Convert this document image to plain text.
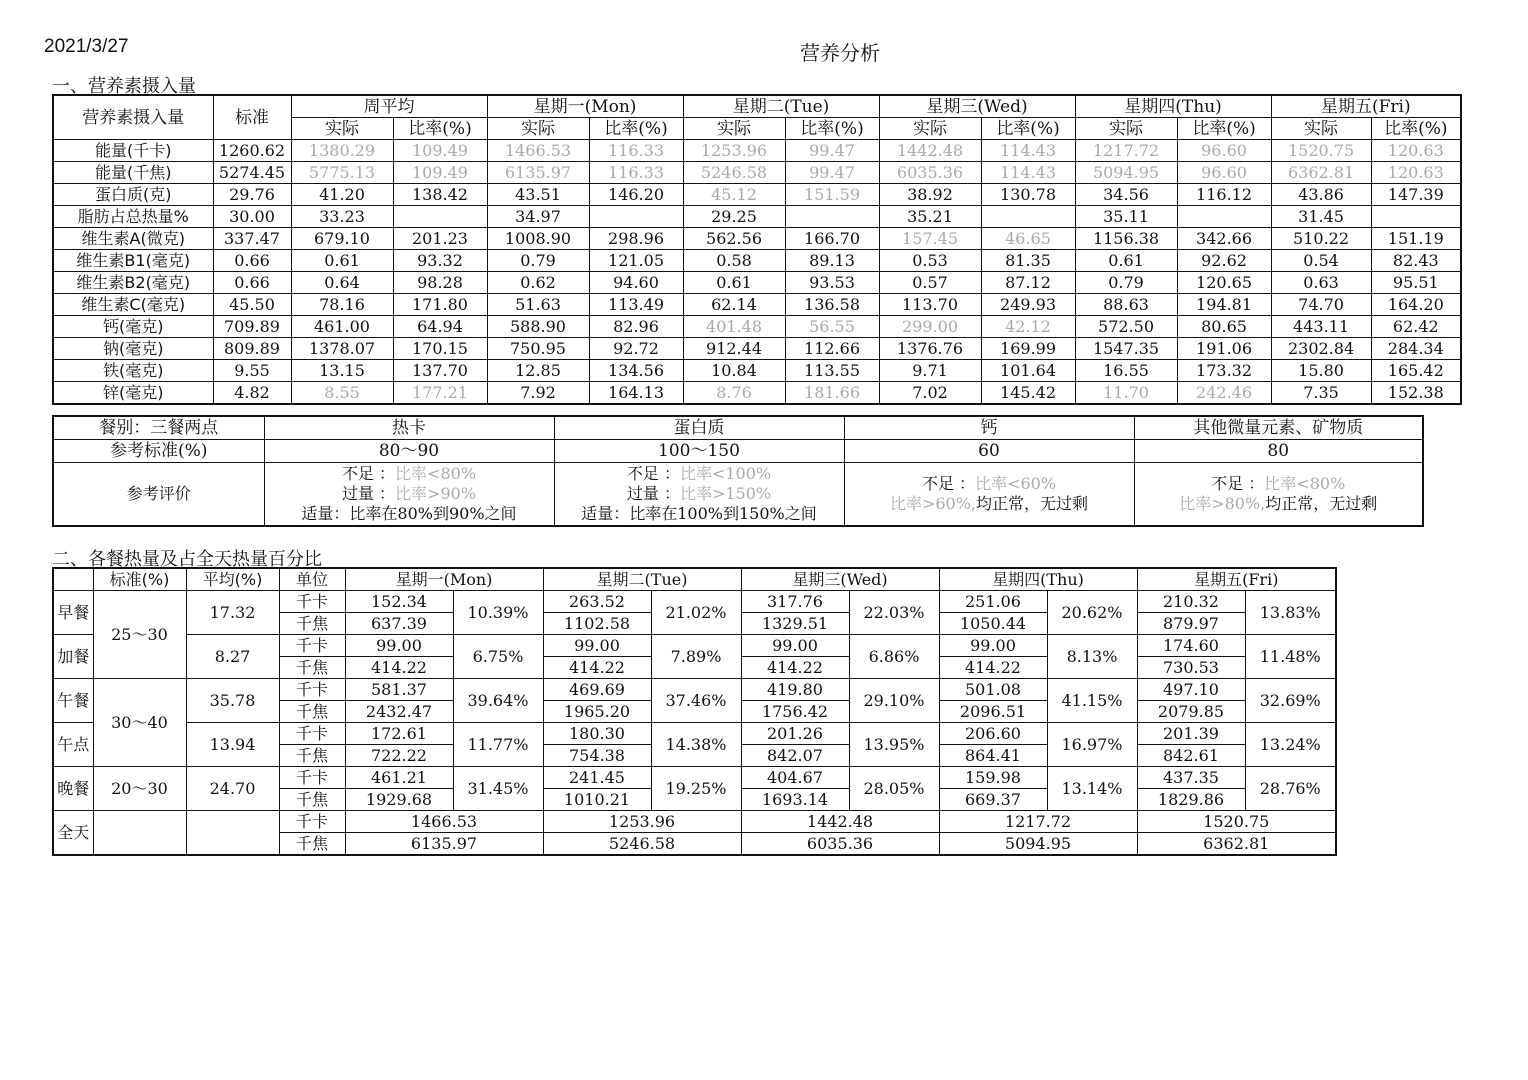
2021/3/27	营养分析
一、营养素摄入量
营养素摄入量	标准	周平均		星期一(Mon)		星期二(Tue)		星期三(Wed)		星期四(Thu)		星期五(Fri)	
		实际	比率(%)	实际	比率(%)	实际	比率(%)	实际	比率(%)	实际	比率(%)	实际	比率(%)
能量(千卡)	1260.62	1380.29	109.49	1466.53	116.33	1253.96	99.47	1442.48	114.43	1217.72	96.60	1520.75	120.63
能量(千焦)	5274.45	5775.13	109.49	6135.97	116.33	5246.58	99.47	6035.36	114.43	5094.95	96.60	6362.81	120.63
蛋白质(克)	29.76	41.20	138.42	43.51	146.20	45.12	151.59	38.92	130.78	34.56	116.12	43.86	147.39
脂肪占总热量%	30.00	33.23		34.97		29.25		35.21		35.11		31.45	
维生素A(微克)	337.47	679.10	201.23	1008.90	298.96	562.56	166.70	157.45	46.65	1156.38	342.66	510.22	151.19
维生素B1(毫克)	0.66	0.61	93.32	0.79	121.05	0.58	89.13	0.53	81.35	0.61	92.62	0.54	82.43
维生素B2(毫克)	0.66	0.64	98.28	0.62	94.60	0.61	93.53	0.57	87.12	0.79	120.65	0.63	95.51
维生素C(毫克)	45.50	78.16	171.80	51.63	113.49	62.14	136.58	113.70	249.93	88.63	194.81	74.70	164.20
钙(毫克)	709.89	461.00	64.94	588.90	82.96	401.48	56.55	299.00	42.12	572.50	80.65	443.11	62.42
钠(毫克)	809.89	1378.07	170.15	750.95	92.72	912.44	112.66	1376.76	169.99	1547.35	191.06	2302.84	284.34
铁(毫克)	9.55	13.15	137.70	12.85	134.56	10.84	113.55	9.71	101.64	16.55	173.32	15.80	165.42
锌(毫克)	4.82	8.55	177.21	7.92	164.13	8.76	181.66	7.02	145.42	11.70	242.46	7.35	152.38
餐别：三餐两点	热卡	蛋白质	钙	其他微量元素、矿物质
参考标准(%)	80～90	100～150	60	80
参考评价	不足 ：比率<80%
过量 ：比率>90%
适量：比率在80%到90%之间	不足 ：比率<100%
过量 ：比率>150%
适量：比率在100%到150%之间	不足 ：比率<60%
比率>60%,均正常，无过剩	不足 ：比率<80%
比率>80%,均正常，无过剩
二、各餐热量及占全天热量百分比
	标准(%)	平均(%)	单位	星期一(Mon)		星期二(Tue)		星期三(Wed)		星期四(Thu)		星期五(Fri)	
早餐	25～30	17.32	千卡	152.34	10.39%	263.52	21.02%	317.76	22.03%	251.06	20.62%	210.32	13.83%
			千焦	637.39		1102.58		1329.51		1050.44		879.97	
加餐		8.27	千卡	99.00	6.75%	99.00	7.89%	99.00	6.86%	99.00	8.13%	174.60	11.48%
			千焦	414.22		414.22		414.22		414.22		730.53	
午餐	30～40	35.78	千卡	581.37	39.64%	469.69	37.46%	419.80	29.10%	501.08	41.15%	497.10	32.69%
			千焦	2432.47		1965.20		1756.42		2096.51		2079.85	
午点		13.94	千卡	172.61	11.77%	180.30	14.38%	201.26	13.95%	206.60	16.97%	201.39	13.24%
			千焦	722.22		754.38		842.07		864.41		842.61	
晚餐	20～30	24.70	千卡	461.21	31.45%	241.45	19.25%	404.67	28.05%	159.98	13.14%	437.35	28.76%
			千焦	1929.68		1010.21		1693.14		669.37		1829.86	
全天			千卡	1466.53		1253.96		1442.48		1217.72		1520.75	
			千焦	6135.97		5246.58		6035.36		5094.95		6362.81	
